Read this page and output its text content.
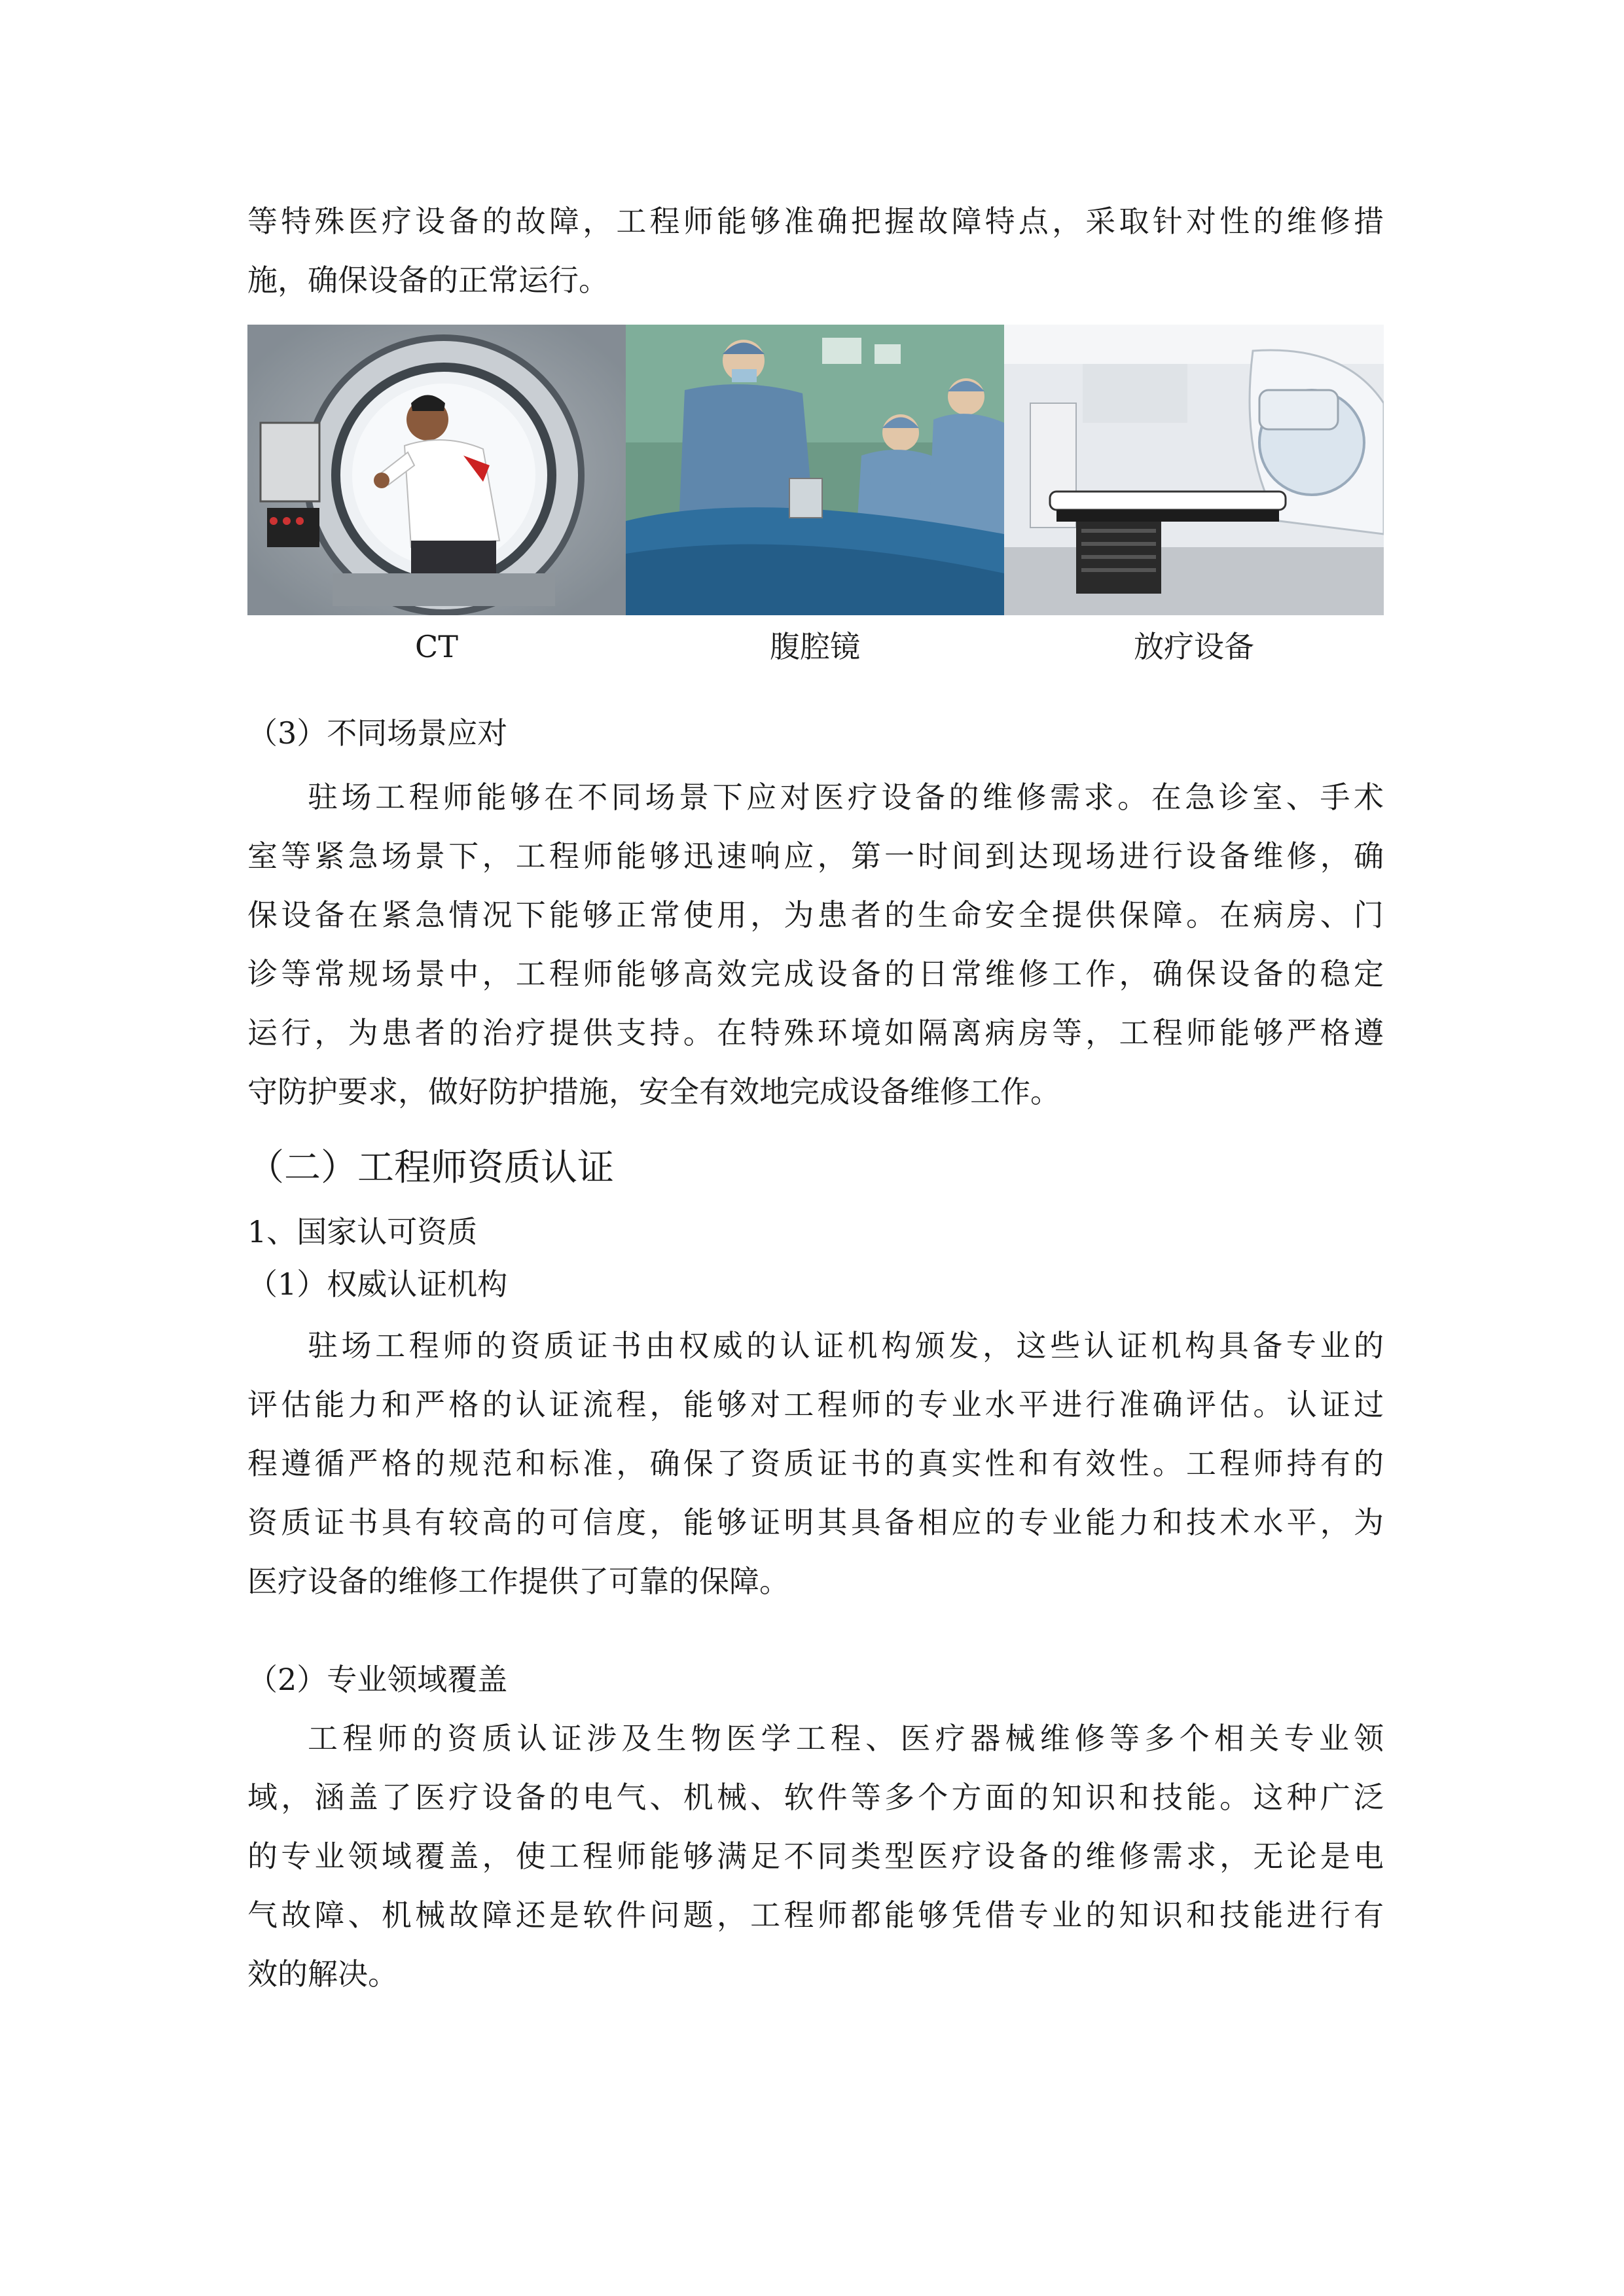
等特殊医疗设备的故障，工程师能够准确把握故障特点，采取针对性的维修措
施，确保设备的正常运行。
CT	腹腔镜	放疗设备
（3）不同场景应对
驻场工程师能够在不同场景下应对医疗设备的维修需求。在急诊室、手术
室等紧急场景下，工程师能够迅速响应，第一时间到达现场进行设备维修，确
保设备在紧急情况下能够正常使用，为患者的生命安全提供保障。在病房、门
诊等常规场景中，工程师能够高效完成设备的日常维修工作，确保设备的稳定
运行，为患者的治疗提供支持。在特殊环境如隔离病房等，工程师能够严格遵
守防护要求，做好防护措施，安全有效地完成设备维修工作。
（二）工程师资质认证
1、国家认可资质
（1）权威认证机构
驻场工程师的资质证书由权威的认证机构颁发，这些认证机构具备专业的
评估能力和严格的认证流程，能够对工程师的专业水平进行准确评估。认证过
程遵循严格的规范和标准，确保了资质证书的真实性和有效性。工程师持有的
资质证书具有较高的可信度，能够证明其具备相应的专业能力和技术水平，为
医疗设备的维修工作提供了可靠的保障。
（2）专业领域覆盖
工程师的资质认证涉及生物医学工程、医疗器械维修等多个相关专业领
域，涵盖了医疗设备的电气、机械、软件等多个方面的知识和技能。这种广泛
的专业领域覆盖，使工程师能够满足不同类型医疗设备的维修需求，无论是电
气故障、机械故障还是软件问题，工程师都能够凭借专业的知识和技能进行有
效的解决。
